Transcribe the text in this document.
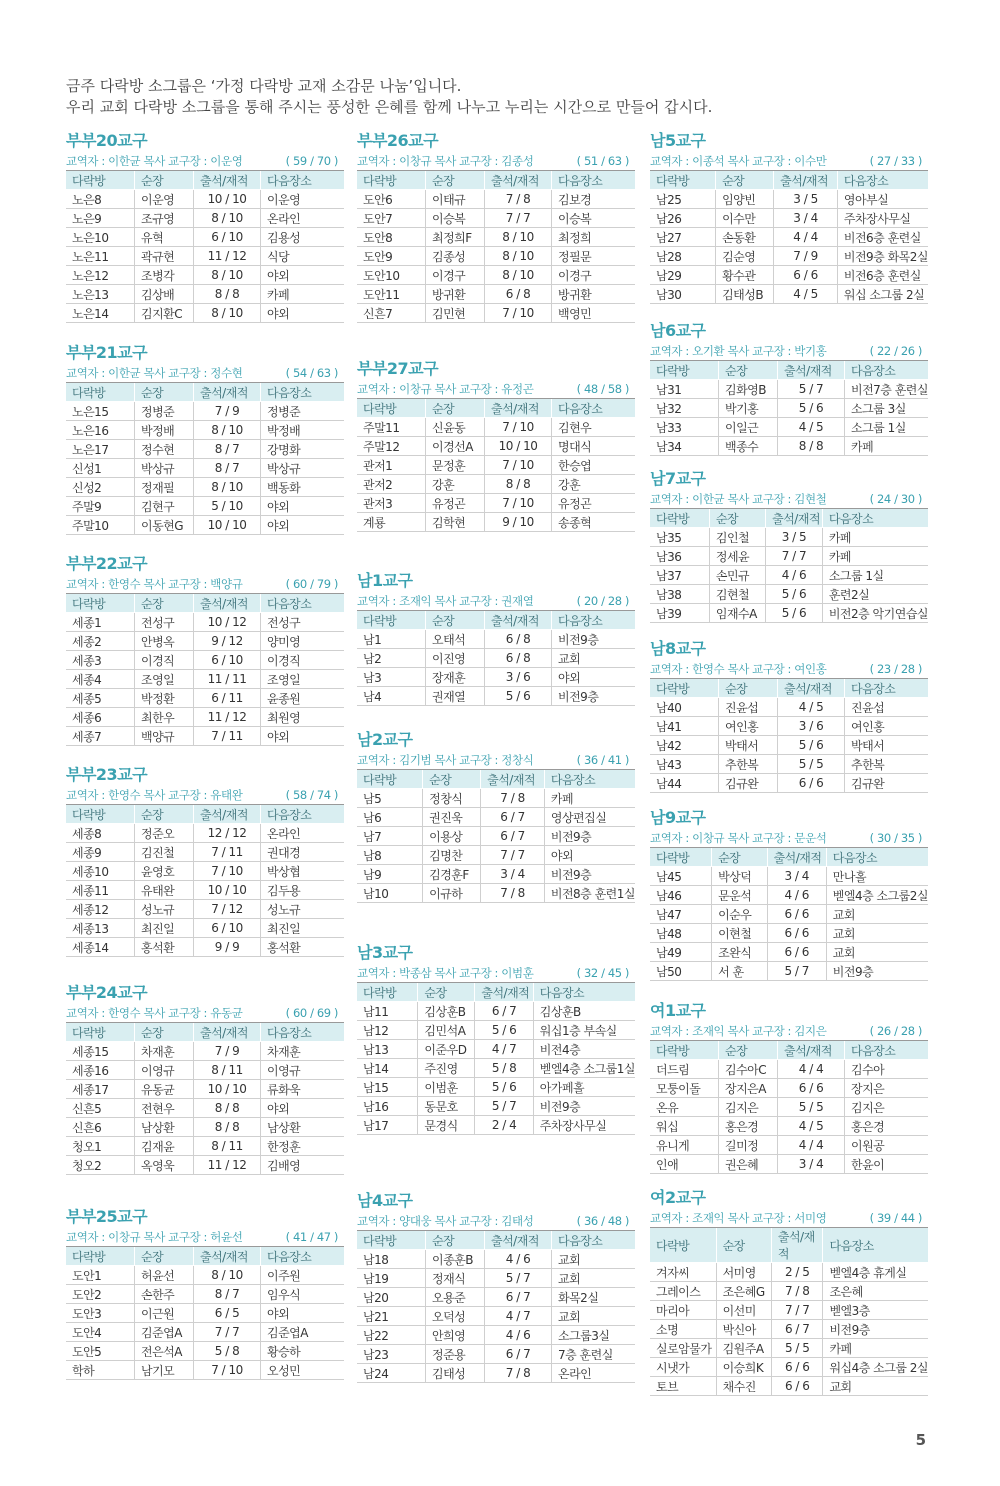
금주 다락방 소그룹은 ‘가정 다락방 교재 소감문 나눔’입니다.
우리 교회 다락방 소그룹을 통해 주시는 풍성한 은혜를 함께 나누고 누리는 시간으로 만들어 갑시다.
부부20교구
교역자 : 이한균 목사 교구장 : 이운영	( 59 / 70 )
다락방	순장	출석/재적	다음장소
노은8	이운영	10 / 10	이운영
노은9	조규영	8 / 10	온라인
노은10	유혁	6 / 10	김용성
노은11	곽규현	11 / 12	식당
노은12	조병각	8 / 10	야외
노은13	김상배	8 / 8	카페
노은14	김지환C	8 / 10	야외
부부21교구
교역자 : 이한균 목사 교구장 : 정수현	( 54 / 63 )
다락방	순장	출석/재적	다음장소
노은15	정병준	7 / 9	정병준
노은16	박정배	8 / 10	박정배
노은17	정수현	8 / 7	강명화
신성1	박상규	8 / 7	박상규
신성2	정재필	8 / 10	백동화
주말9	김현구	5 / 10	야외
주말10	이동현G	10 / 10	야외
부부22교구
교역자 : 한영수 목사 교구장 : 백양규	( 60 / 79 )
다락방	순장	출석/재적	다음장소
세종1	전성구	10 / 12	전성구
세종2	안병옥	9 / 12	양미영
세종3	이경직	6 / 10	이경직
세종4	조영일	11 / 11	조영일
세종5	박정환	6 / 11	윤종원
세종6	최한우	11 / 12	최원영
세종7	백양규	7 / 11	야외
부부23교구
교역자 : 한영수 목사 교구장 : 유태완	( 58 / 74 )
다락방	순장	출석/재적	다음장소
세종8	정준오	12 / 12	온라인
세종9	김진철	7 / 11	권대경
세종10	윤영호	7 / 10	박상협
세종11	유태완	10 / 10	김두용
세종12	성노규	7 / 12	성노규
세종13	최진일	6 / 10	최진일
세종14	홍석환	9 / 9	홍석환
부부24교구
교역자 : 한영수 목사 교구장 : 유동균	( 60 / 69 )
다락방	순장	출석/재적	다음장소
세종15	차재훈	7 / 9	차재훈
세종16	이영규	8 / 11	이영규
세종17	유동균	10 / 10	류화욱
신흔5	전현우	8 / 8	야외
신흔6	남상환	8 / 8	남상환
청오1	김재윤	8 / 11	한정훈
청오2	옥영욱	11 / 12	김배영
부부25교구
교역자 : 이창규 목사 교구장 : 허윤선	( 41 / 47 )
다락방	순장	출석/재적	다음장소
도안1	허윤선	8 / 10	이주원
도안2	손한주	8 / 7	임우식
도안3	이근원	6 / 5	야외
도안4	김준엽A	7 / 7	김준엽A
도안5	전은석A	5 / 8	황승하
학하	남기모	7 / 10	오성민
부부26교구
교역자 : 이창규 목사 교구장 : 김종성	( 51 / 63 )
다락방	순장	출석/재적	다음장소
도안6	이태규	7 / 8	김보경
도안7	이승복	7 / 7	이승복
도안8	최정희F	8 / 10	최정희
도안9	김종성	8 / 10	정필문
도안10	이경구	8 / 10	이경구
도안11	방귀환	6 / 8	방귀환
신흔7	김민현	7 / 10	백영민
부부27교구
교역자 : 이창규 목사 교구장 : 유정곤	( 48 / 58 )
다락방	순장	출석/재적	다음장소
주말11	신윤동	7 / 10	김현우
주말12	이경선A	10 / 10	명대식
관저1	문정훈	7 / 10	한승엽
관저2	강훈	8 / 8	강훈
관저3	유정곤	7 / 10	유정곤
계룡	김학현	9 / 10	송종혁
남1교구
교역자 : 조재익 목사 교구장 : 권재열	( 20 / 28 )
다락방	순장	출석/재적	다음장소
남1	오태석	6 / 8	비전9층
남2	이진영	6 / 8	교회
남3	장재훈	3 / 6	야외
남4	권재열	5 / 6	비전9층
남2교구
교역자 : 김기범 목사 교구장 : 정창식	( 36 / 41 )
다락방	순장	출석/재적	다음장소
남5	정창식	7 / 8	카페
남6	권진욱	6 / 7	영상편집실
남7	이용상	6 / 7	비전9층
남8	김명찬	7 / 7	야외
남9	김경훈F	3 / 4	비전9층
남10	이규하	7 / 8	비전8층 훈련1실
남3교구
교역자 : 박종삼 목사 교구장 : 이범훈	( 32 / 45 )
다락방	순장	출석/재적	다음장소
남11	김상훈B	6 / 7	김상훈B
남12	김민석A	5 / 6	워십1층 부속실
남13	이준우D	4 / 7	비전4층
남14	주진영	5 / 8	벧엘4층 소그룹1실
남15	이범훈	5 / 6	아가페홀
남16	동문호	5 / 7	비전9층
남17	문경식	2 / 4	주차장사무실
남4교구
교역자 : 양대웅 목사 교구장 : 김태성	( 36 / 48 )
다락방	순장	출석/재적	다음장소
남18	이종훈B	4 / 6	교회
남19	정재식	5 / 7	교회
남20	오용준	6 / 7	화목2실
남21	오덕성	4 / 7	교회
남22	안희영	4 / 6	소그룹3실
남23	정준용	6 / 7	7층 훈련실
남24	김태성	7 / 8	온라인
남5교구
교역자 : 이종석 목사 교구장 : 이수만	( 27 / 33 )
다락방	순장	출석/재적	다음장소
남25	임양빈	3 / 5	영아부실
남26	이수만	3 / 4	주차장사무실
남27	손동환	4 / 4	비전6층 훈련실
남28	김순영	7 / 9	비전9층 화목2실
남29	황수관	6 / 6	비전6층 훈련실
남30	김태성B	4 / 5	워십 소그룹 2실
남6교구
교역자 : 오기환 목사 교구장 : 박기홍	( 22 / 26 )
다락방	순장	출석/재적	다음장소
남31	김화영B	5 / 7	비전7층 훈련실
남32	박기홍	5 / 6	소그룹 3실
남33	이일근	4 / 5	소그룹 1실
남34	백종수	8 / 8	카페
남7교구
교역자 : 이한균 목사 교구장 : 김현철	( 24 / 30 )
다락방	순장	출석/재적	다음장소
남35	김인철	3 / 5	카페
남36	정세윤	7 / 7	카페
남37	손민규	4 / 6	소그룹 1실
남38	김현철	5 / 6	훈련2실
남39	임재수A	5 / 6	비전2층 악기연습실
남8교구
교역자 : 한영수 목사 교구장 : 여인홍	( 23 / 28 )
다락방	순장	출석/재적	다음장소
남40	진윤섭	4 / 5	진윤섭
남41	여인홍	3 / 6	여인홍
남42	박태서	5 / 6	박태서
남43	추한복	5 / 5	추한복
남44	김규완	6 / 6	김규완
남9교구
교역자 : 이창규 목사 교구장 : 문운석	( 30 / 35 )
다락방	순장	출석/재적	다음장소
남45	박상덕	3 / 4	만나홀
남46	문운석	4 / 6	벧엘4층 소그룹2실
남47	이순우	6 / 6	교회
남48	이현철	6 / 6	교회
남49	조완식	6 / 6	교회
남50	서 훈	5 / 7	비전9층
여1교구
교역자 : 조재익 목사 교구장 : 김지은	( 26 / 28 )
다락방	순장	출석/재적	다음장소
더드림	김수아C	4 / 4	김수아
모퉁이돌	장지은A	6 / 6	장지은
온유	김지은	5 / 5	김지은
워십	홍은경	4 / 5	홍은경
유니게	길미정	4 / 4	이원공
인애	권은혜	3 / 4	한윤이
여2교구
교역자 : 조재익 목사 교구장 : 서미영	( 39 / 44 )
다락방	순장	출석/재적	다음장소
겨자씨	서미영	2 / 5	벧엘4층 휴게실
그레이스	조은혜G	7 / 8	조은혜
마리아	이선미	7 / 7	벧엘3층
소명	박신아	6 / 7	비전9층
실로암물가	김원주A	5 / 5	카페
시냇가	이승희K	6 / 6	워십4층 소그룹 2실
토브	채수진	6 / 6	교회
5
